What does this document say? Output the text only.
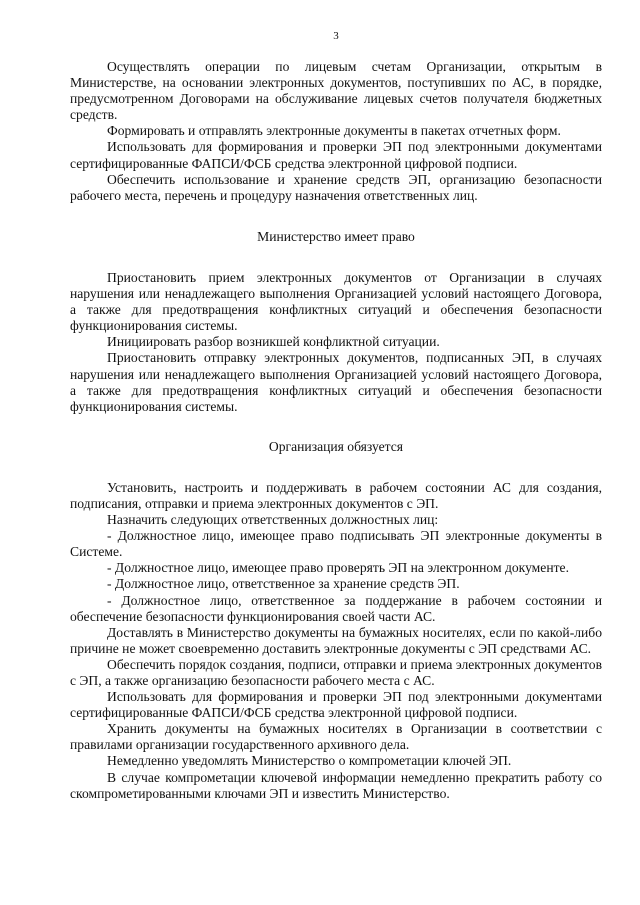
3

Осуществлять операции по лицевым счетам Организации, открытым в Министерстве, на основании электронных документов, поступивших по АС, в порядке, предусмотренном Договорами на обслуживание лицевых счетов получателя бюджетных средств.

Формировать и отправлять электронные документы в пакетах отчетных форм.

Использовать для формирования и проверки ЭП под электронными документами сертифицированные ФАПСИ/ФСБ средства электронной цифровой подписи.

Обеспечить использование и хранение средств ЭП, организацию безопасности рабочего места, перечень и процедуру назначения ответственных лиц.

Министерство имеет право

Приостановить прием электронных документов от Организации в случаях нарушения или ненадлежащего выполнения Организацией условий настоящего Договора, а также для предотвращения конфликтных ситуаций и обеспечения безопасности функционирования системы.

Инициировать разбор возникшей конфликтной ситуации.

Приостановить отправку электронных документов, подписанных ЭП, в случаях нарушения или ненадлежащего выполнения Организацией условий настоящего Договора, а также для предотвращения конфликтных ситуаций и обеспечения безопасности функционирования системы.

Организация обязуется

Установить, настроить и поддерживать в рабочем состоянии АС для создания, подписания, отправки и приема электронных документов с ЭП.

Назначить следующих ответственных должностных лиц:

- Должностное лицо, имеющее право подписывать ЭП электронные документы в Системе.

- Должностное лицо, имеющее право проверять ЭП на электронном документе.

- Должностное лицо, ответственное за хранение средств ЭП.

- Должностное лицо, ответственное за поддержание в рабочем состоянии и обеспечение безопасности функционирования своей части АС.

Доставлять в Министерство документы на бумажных носителях, если по какой-либо причине не может своевременно доставить электронные документы с ЭП средствами АС.

Обеспечить порядок создания, подписи, отправки и приема электронных документов с ЭП, а также организацию безопасности рабочего места с АС.

Использовать для формирования и проверки ЭП под электронными документами сертифицированные ФАПСИ/ФСБ средства электронной цифровой подписи.

Хранить документы на бумажных носителях в Организации в соответствии с правилами организации государственного архивного дела.

Немедленно уведомлять Министерство о компрометации ключей ЭП.

В случае компрометации ключевой информации немедленно прекратить работу со скомпрометированными ключами ЭП и известить Министерство.
